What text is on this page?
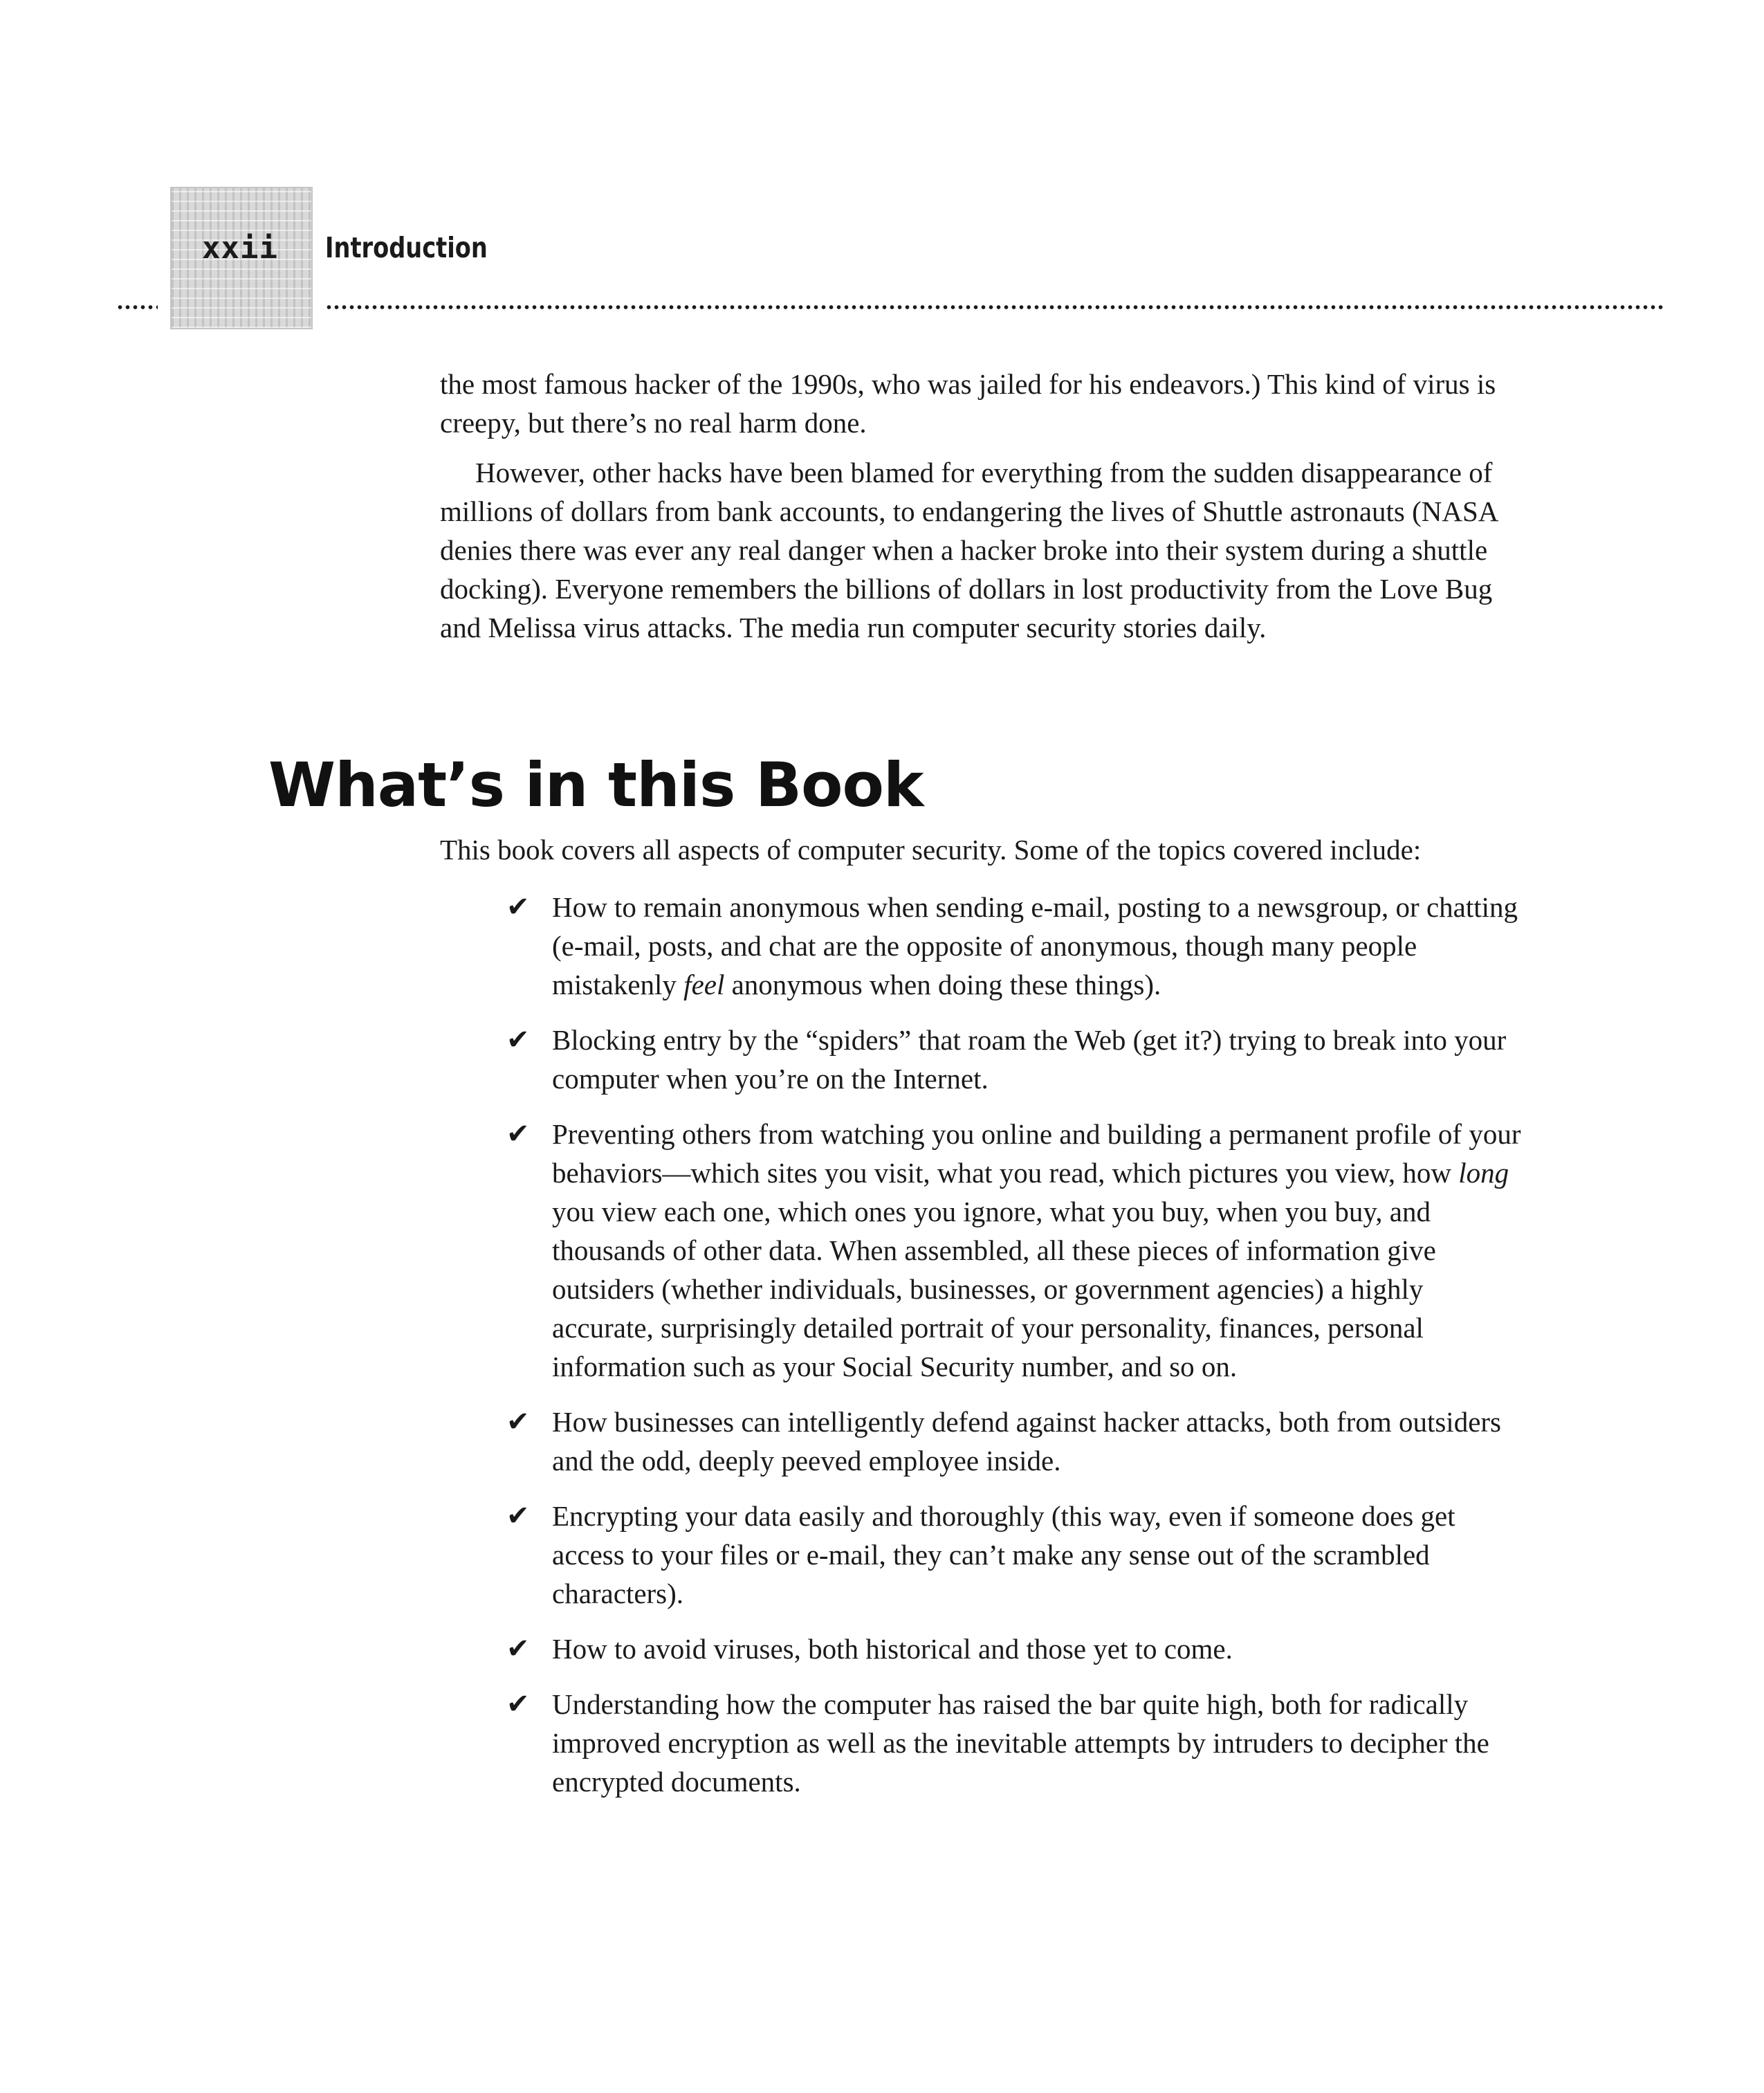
xxii Introduction

the most famous hacker of the 1990s, who was jailed for his endeavors.) This kind of virus is creepy, but there’s no real harm done.

However, other hacks have been blamed for everything from the sudden disappearance of millions of dollars from bank accounts, to endangering the lives of Shuttle astronauts (NASA denies there was ever any real danger when a hacker broke into their system during a shuttle docking). Everyone remembers the billions of dollars in lost productivity from the Love Bug and Melissa virus attacks. The media run computer security stories daily.

What’s in this Book

This book covers all aspects of computer security. Some of the topics covered include:

✔ How to remain anonymous when sending e-mail, posting to a newsgroup, or chatting (e-mail, posts, and chat are the opposite of anonymous, though many people mistakenly feel anonymous when doing these things).
✔ Blocking entry by the “spiders” that roam the Web (get it?) trying to break into your computer when you’re on the Internet.
✔ Preventing others from watching you online and building a permanent profile of your behaviors—which sites you visit, what you read, which pictures you view, how long you view each one, which ones you ignore, what you buy, when you buy, and thousands of other data. When assembled, all these pieces of information give outsiders (whether individuals, businesses, or government agencies) a highly accurate, surprisingly detailed portrait of your personality, finances, personal information such as your Social Security number, and so on.
✔ How businesses can intelligently defend against hacker attacks, both from outsiders and the odd, deeply peeved employee inside.
✔ Encrypting your data easily and thoroughly (this way, even if someone does get access to your files or e-mail, they can’t make any sense out of the scrambled characters).
✔ How to avoid viruses, both historical and those yet to come.
✔ Understanding how the computer has raised the bar quite high, both for radically improved encryption as well as the inevitable attempts by intruders to decipher the encrypted documents.
